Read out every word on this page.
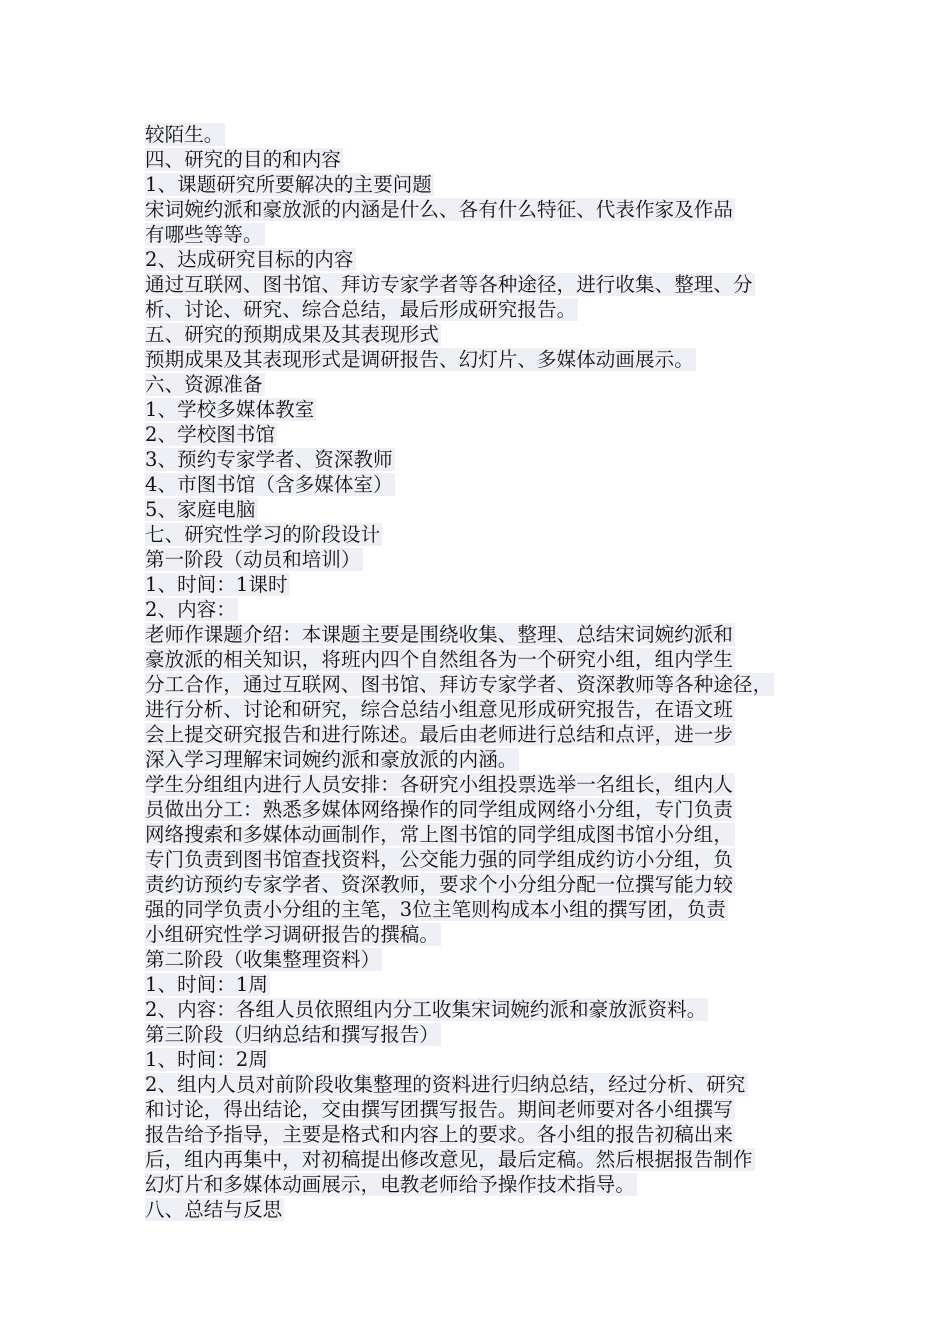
较陌生。
四、研究的目的和内容
1、课题研究所要解决的主要问题
宋词婉约派和豪放派的内涵是什么、各有什么特征、代表作家及作品
有哪些等等。
2、达成研究目标的内容
通过互联网、图书馆、拜访专家学者等各种途径，进行收集、整理、分
析、讨论、研究、综合总结，最后形成研究报告。
五、研究的预期成果及其表现形式
预期成果及其表现形式是调研报告、幻灯片、多媒体动画展示。
六、资源准备
1、学校多媒体教室
2、学校图书馆
3、预约专家学者、资深教师
4、市图书馆（含多媒体室）
5、家庭电脑
七、研究性学习的阶段设计
第一阶段（动员和培训）
1、时间：1课时
2、内容：
老师作课题介绍：本课题主要是围绕收集、整理、总结宋词婉约派和
豪放派的相关知识，将班内四个自然组各为一个研究小组，组内学生
分工合作，通过互联网、图书馆、拜访专家学者、资深教师等各种途径，
进行分析、讨论和研究，综合总结小组意见形成研究报告，在语文班
会上提交研究报告和进行陈述。最后由老师进行总结和点评，进一步
深入学习理解宋词婉约派和豪放派的内涵。
学生分组组内进行人员安排：各研究小组投票选举一名组长，组内人
员做出分工：熟悉多媒体网络操作的同学组成网络小分组，专门负责
网络搜索和多媒体动画制作，常上图书馆的同学组成图书馆小分组，
专门负责到图书馆查找资料，公交能力强的同学组成约访小分组，负
责约访预约专家学者、资深教师，要求个小分组分配一位撰写能力较
强的同学负责小分组的主笔，3位主笔则构成本小组的撰写团，负责
小组研究性学习调研报告的撰稿。
第二阶段（收集整理资料）
1、时间：1周
2、内容：各组人员依照组内分工收集宋词婉约派和豪放派资料。
第三阶段（归纳总结和撰写报告）
1、时间：2周
2、组内人员对前阶段收集整理的资料进行归纳总结，经过分析、研究
和讨论，得出结论，交由撰写团撰写报告。期间老师要对各小组撰写
报告给予指导，主要是格式和内容上的要求。各小组的报告初稿出来
后，组内再集中，对初稿提出修改意见，最后定稿。然后根据报告制作
幻灯片和多媒体动画展示，电教老师给予操作技术指导。
八、总结与反思
